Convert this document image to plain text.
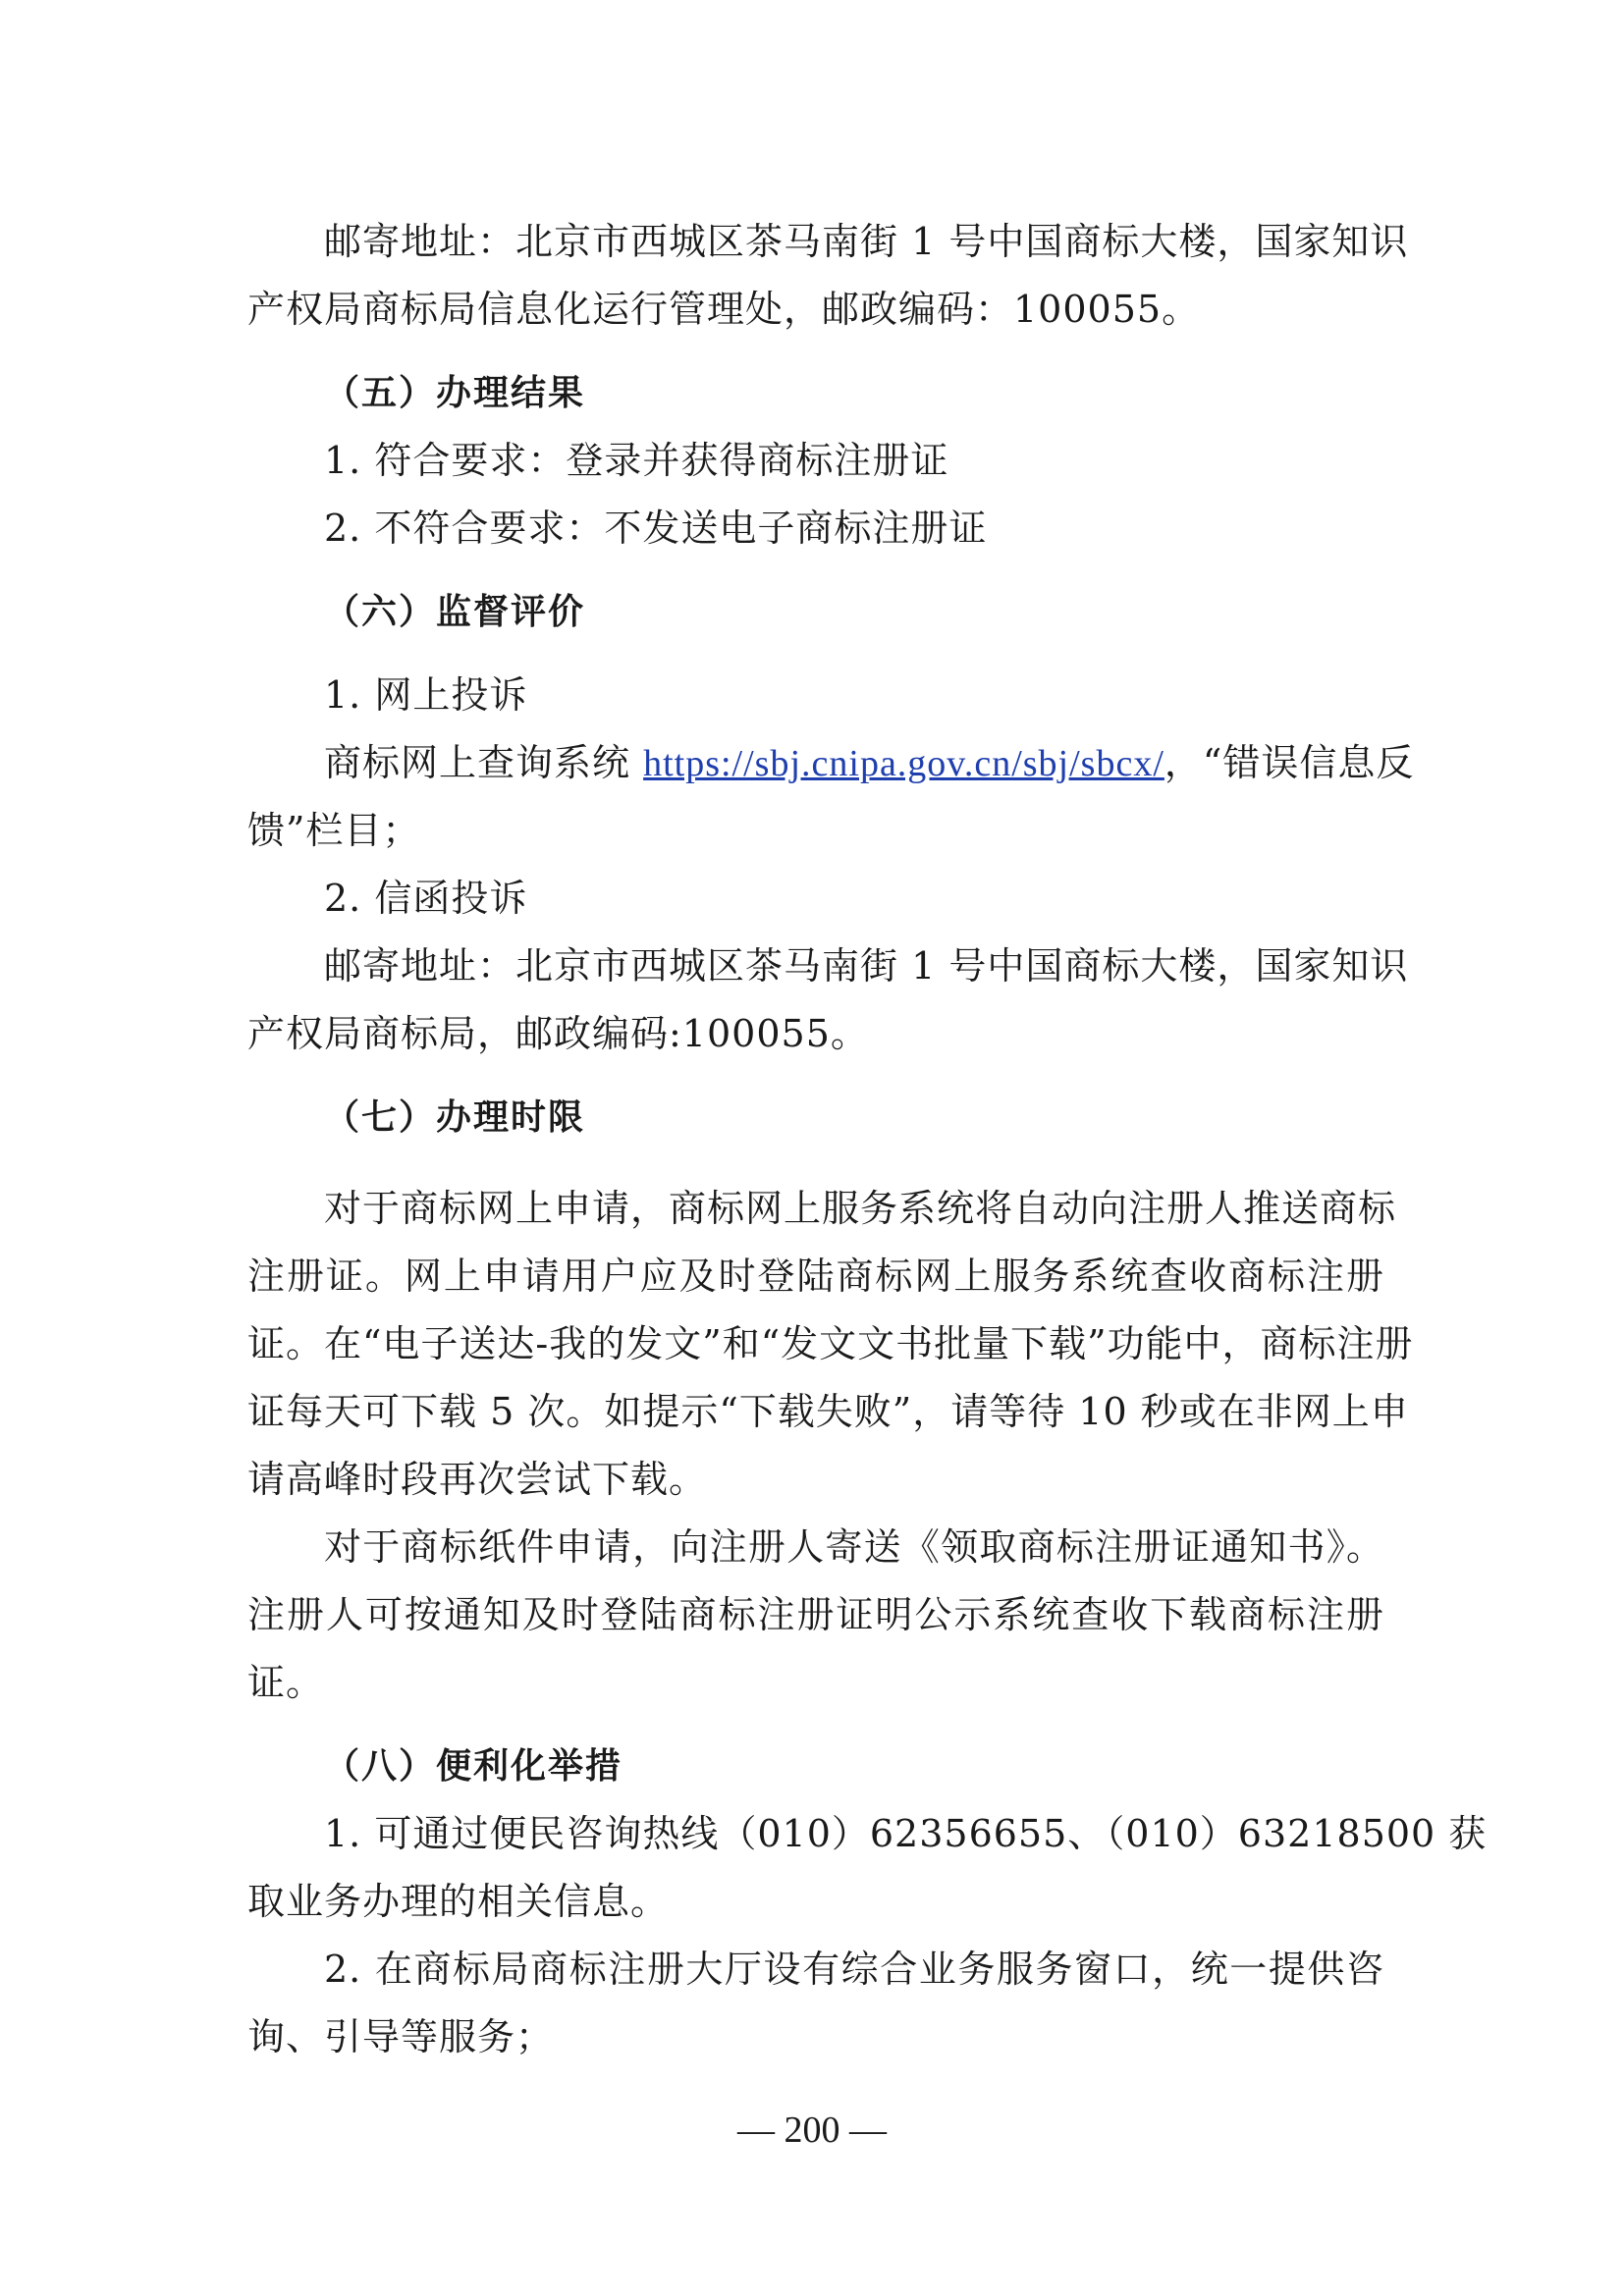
邮寄地址：北京市西城区茶马南街 1 号中国商标大楼，国家知识
产权局商标局信息化运行管理处，邮政编码：100055。
（五）办理结果
1. 符合要求：登录并获得商标注册证
2. 不符合要求：不发送电子商标注册证
（六）监督评价
1. 网上投诉
商标网上查询系统 https://sbj.cnipa.gov.cn/sbj/sbcx/，“错误信息反
馈”栏目；
2. 信函投诉
邮寄地址：北京市西城区茶马南街 1 号中国商标大楼，国家知识
产权局商标局，邮政编码:100055。
（七）办理时限
对于商标网上申请，商标网上服务系统将自动向注册人推送商标
注册证。网上申请用户应及时登陆商标网上服务系统查收商标注册
证。在“电子送达-我的发文”和“发文文书批量下载”功能中，商标注册
证每天可下载 5 次。如提示“下载失败”，请等待 10 秒或在非网上申
请高峰时段再次尝试下载。
对于商标纸件申请，向注册人寄送《领取商标注册证通知书》。
注册人可按通知及时登陆商标注册证明公示系统查收下载商标注册
证。
（八）便利化举措
1. 可通过便民咨询热线（010）62356655、（010）63218500 获
取业务办理的相关信息。
2. 在商标局商标注册大厅设有综合业务服务窗口，统一提供咨
询、引导等服务；
— 200 —
